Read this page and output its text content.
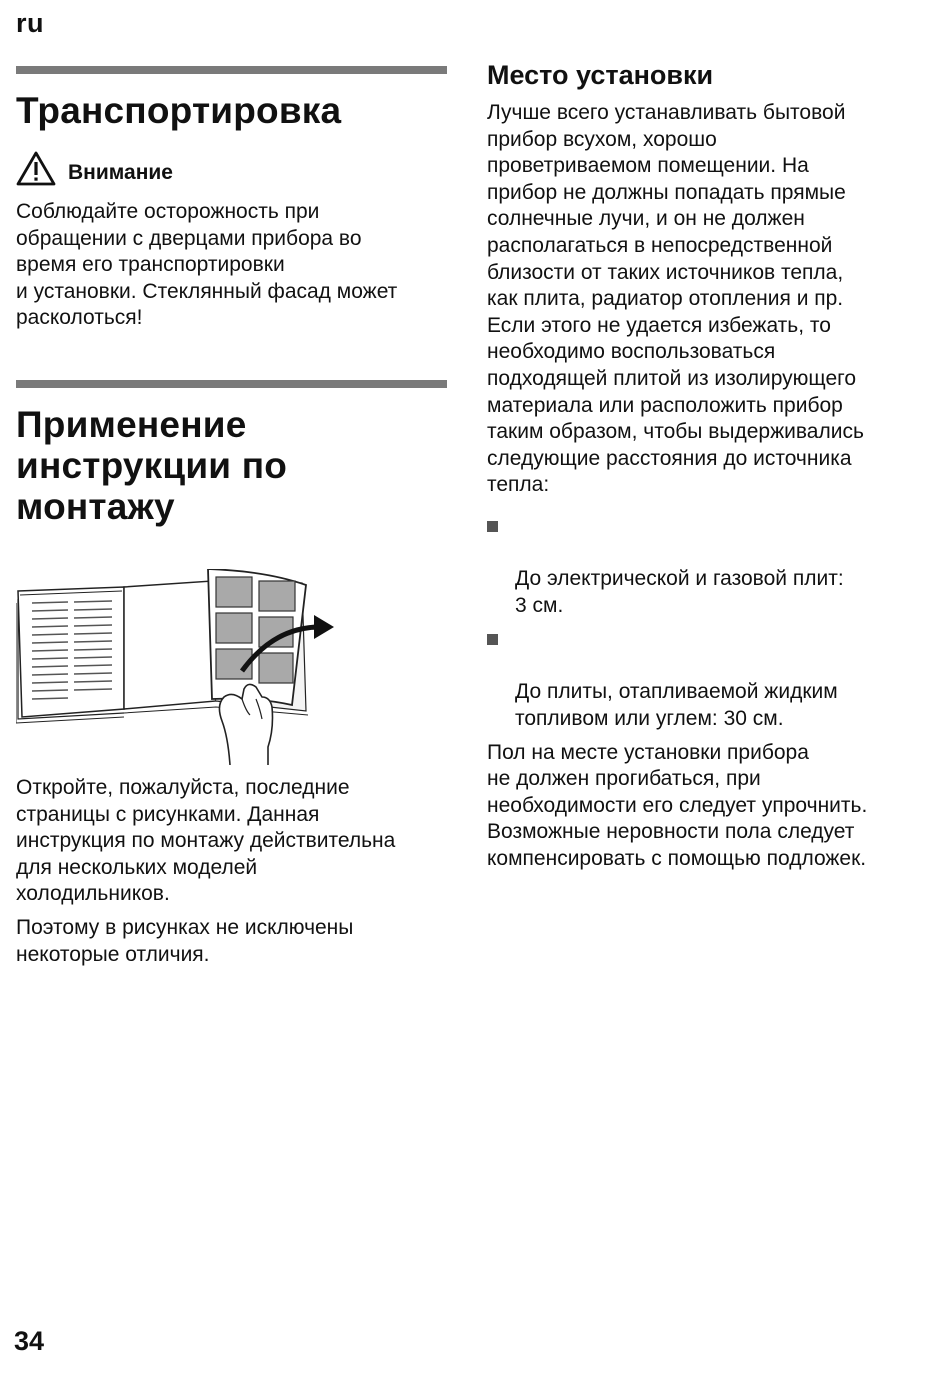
ru
Транспортировка
Внимание

Соблюдайте осторожность при
обращении с дверцами прибора во
время его транспортировки
и установки. Стеклянный фасад может
расколоться!

Применение
инструкции по
монтажу

Откройте, пожалуйста, последние
страницы с рисунками. Данная
инструкция по монтажу действительна
для нескольких моделей
холодильников.

Поэтому в рисунках не исключены
некоторые отличия.

Место установки

Лучше всего устанавливать бытовой
прибор всухом, хорошо
проветриваемом помещении. На
прибор не должны попадать прямые
солнечные лучи, и он не должен
располагаться в непосредственной
близости от таких источников тепла,
как плита, радиатор отопления и пр.
Если этого не удается избежать, то
необходимо воспользоваться
подходящей плитой из изолирующего
материала или расположить прибор
таким образом, чтобы выдерживались
следующие расстояния до источника
тепла:

До электрической и газовой плит:
3 см.

До плиты, отапливаемой жидким
топливом или углем: 30 см.

Пол на месте установки прибора
не должен прогибаться, при
необходимости его следует упрочнить.
Возможные неровности пола следует
компенсировать с помощью подложек.

34
